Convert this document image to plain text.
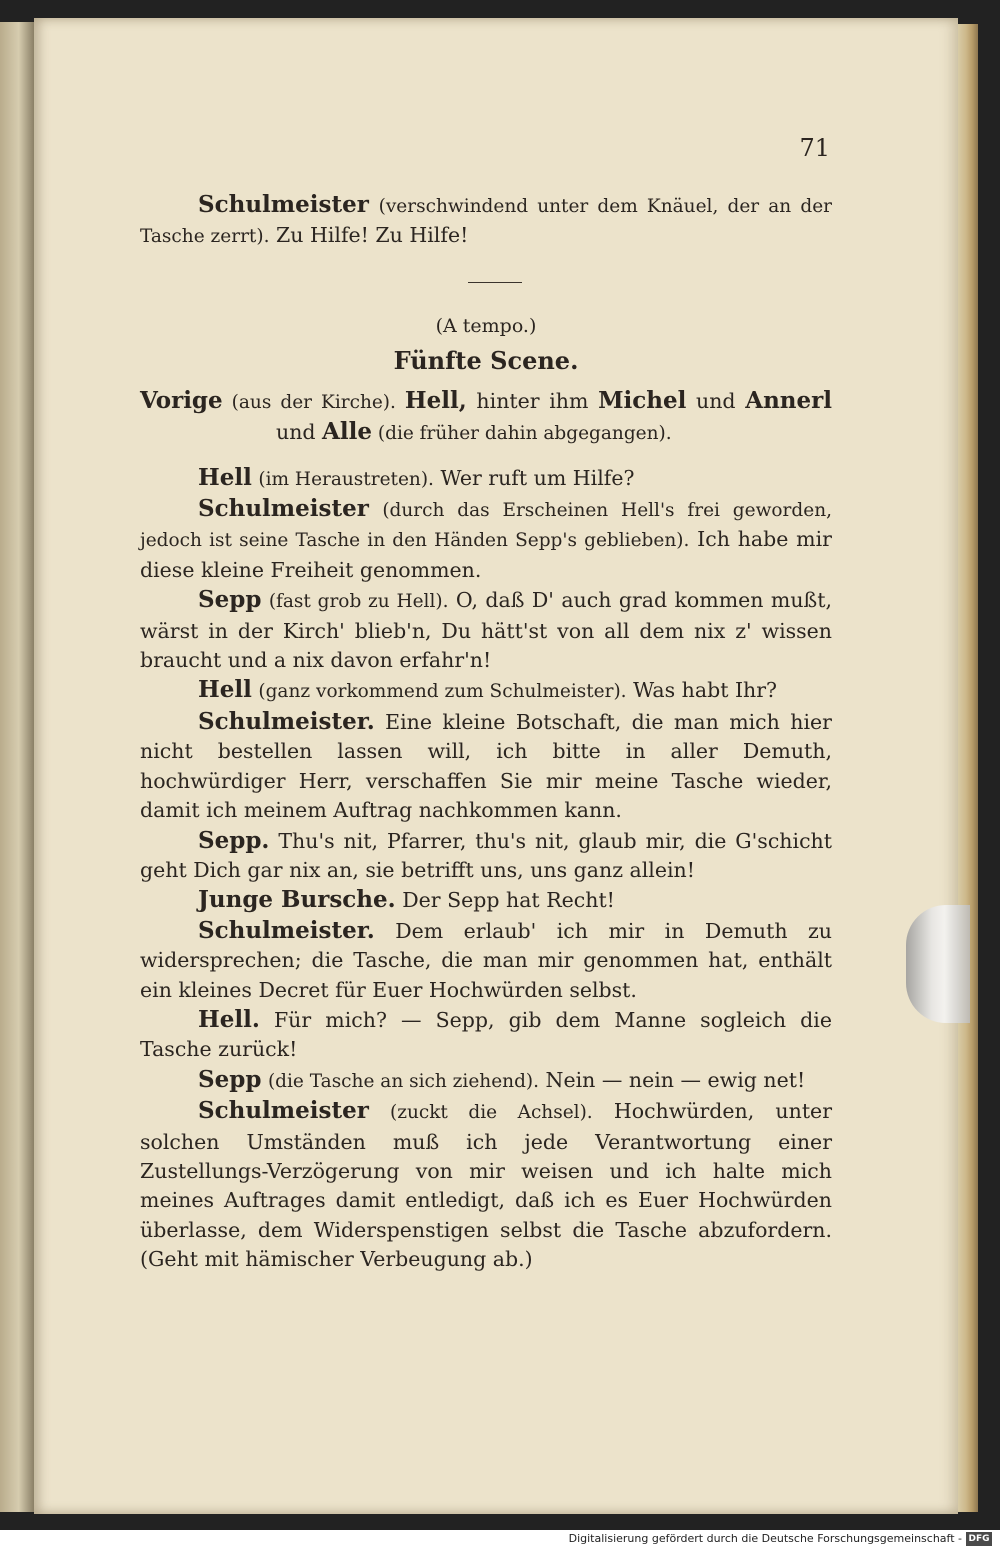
71

Schulmeister (verschwindend unter dem Knäuel, der an der Tasche zerrt). Zu Hilfe! Zu Hilfe!

(A tempo.)

Fünfte Scene.

Vorige (aus der Kirche). Hell, hinter ihm Michel und Annerl und Alle (die früher dahin abgegangen).

Hell (im Heraustreten). Wer ruft um Hilfe?

Schulmeister (durch das Erscheinen Hell's frei geworden, jedoch ist seine Tasche in den Händen Sepp's geblieben). Ich habe mir diese kleine Freiheit genommen.

Sepp (fast grob zu Hell). O, daß D' auch grad kommen mußt, wärst in der Kirch' blieb'n, Du hätt'st von all dem nix z' wissen braucht und a nix davon erfahr'n!

Hell (ganz vorkommend zum Schulmeister). Was habt Ihr?

Schulmeister. Eine kleine Botschaft, die man mich hier nicht bestellen lassen will, ich bitte in aller Demuth, hochwürdiger Herr, verschaffen Sie mir meine Tasche wieder, damit ich meinem Auftrag nachkommen kann.

Sepp. Thu's nit, Pfarrer, thu's nit, glaub mir, die G'schicht geht Dich gar nix an, sie betrifft uns, uns ganz allein!

Junge Bursche. Der Sepp hat Recht!

Schulmeister. Dem erlaub' ich mir in Demuth zu widersprechen; die Tasche, die man mir genommen hat, enthält ein kleines Decret für Euer Hochwürden selbst.

Hell. Für mich? — Sepp, gib dem Manne sogleich die Tasche zurück!

Sepp (die Tasche an sich ziehend). Nein — nein — ewig net!

Schulmeister (zuckt die Achsel). Hochwürden, unter solchen Umständen muß ich jede Verantwortung einer Zustellungs-Verzögerung von mir weisen und ich halte mich meines Auftrages damit entledigt, daß ich es Euer Hochwürden überlasse, dem Widerspenstigen selbst die Tasche abzufordern. (Geht mit hämischer Verbeugung ab.)

Digitalisierung gefördert durch die Deutsche Forschungsgemeinschaft - DFG
